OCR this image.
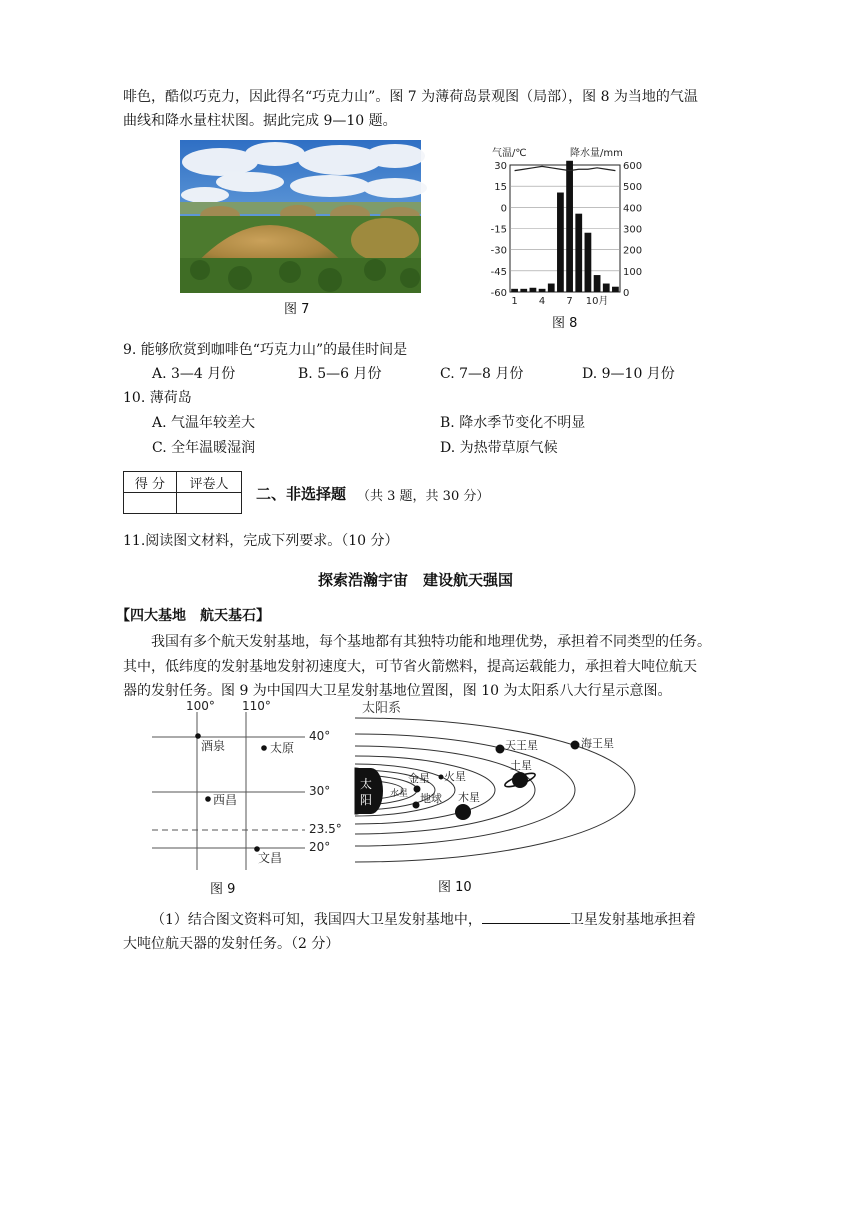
啡色，酷似巧克力，因此得名“巧克力山”。图 7 为薄荷岛景观图（局部），图 8 为当地的气温
曲线和降水量柱状图。据此完成 9—10 题。
图 7
30	600
15	500
0	400
-15	300
-30	200
-45	100
-60	0
气温/℃	降水量/mm
1 4 7 10月
图 8
9. 能够欣赏到咖啡色“巧克力山”的最佳时间是
A. 3—4 月份	B. 5—6 月份	C. 7—8 月份	D. 9—10 月份
10. 薄荷岛
A. 气温年较差大	B. 降水季节变化不明显
C. 全年温暖湿润	D. 为热带草原气候
得 分	评卷人

二、非选择题 （共 3 题，共 30 分）
11.阅读图文材料，完成下列要求。（10 分）
探索浩瀚宇宙　建设航天强国
【四大基地　航天基石】
我国有多个航天发射基地，每个基地都有其独特功能和地理优势，承担着不同类型的任务。
其中，低纬度的发射基地发射初速度大，可节省火箭燃料，提高运载能力，承担着大吨位航天
器的发射任务。图 9 为中国四大卫星发射基地位置图，图 10 为太阳系八大行星示意图。
100° 110°
40°
30°
23.5°
20°
酒泉	太原
西昌
文昌
图 9
太阳系
太
阳 水星
金星 火星
地球 木星
土星
天王星	海王星
图 10
（1）结合图文资料可知，我国四大卫星发射基地中，	卫星发射基地承担着
大吨位航天器的发射任务。（2 分）
